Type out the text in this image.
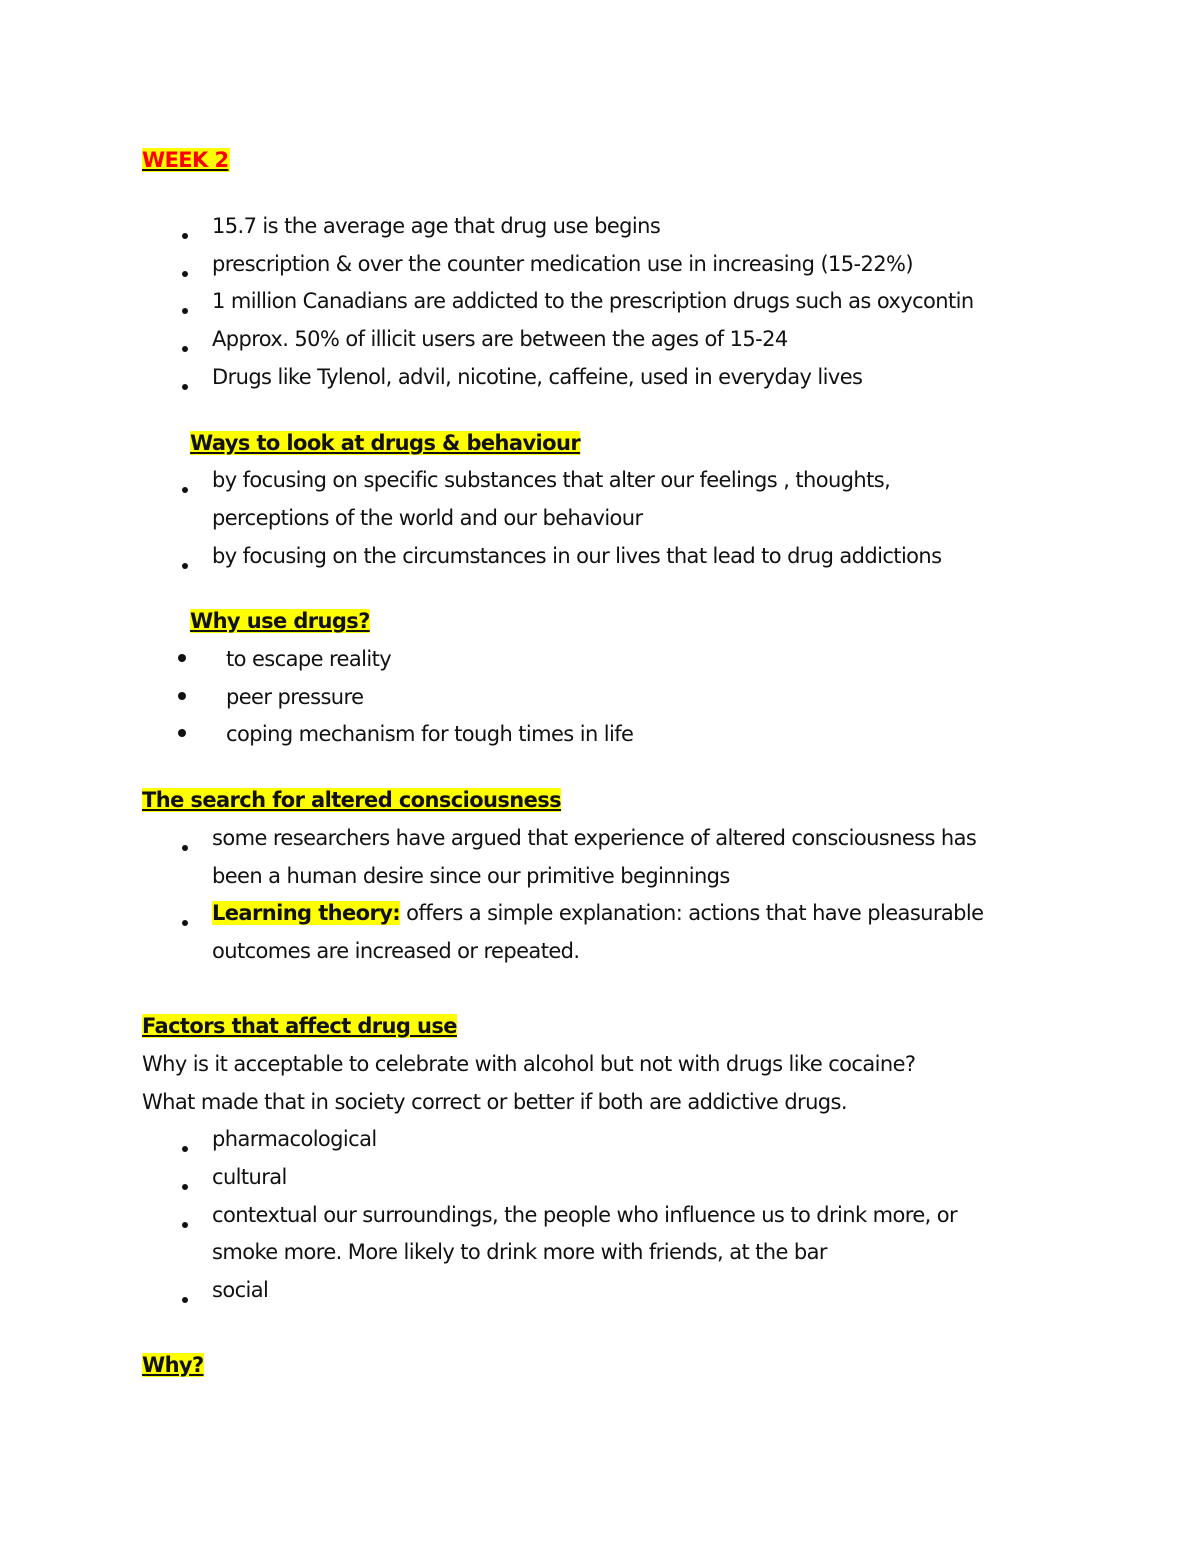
WEEK 2
15.7 is the average age that drug use begins
prescription & over the counter medication use in increasing (15-22%)
1 million Canadians are addicted to the prescription drugs such as oxycontin
Approx. 50% of illicit users are between the ages of 15-24
Drugs like Tylenol, advil, nicotine, caffeine, used in everyday lives
Ways to look at drugs & behaviour
by focusing on specific substances that alter our feelings , thoughts,
perceptions of the world and our behaviour
by focusing on the circumstances in our lives that lead to drug addictions
Why use drugs?
to escape reality
peer pressure
coping mechanism for tough times in life
The search for altered consciousness
some researchers have argued that experience of altered consciousness has
been a human desire since our primitive beginnings
Learning theory: offers a simple explanation: actions that have pleasurable
outcomes are increased or repeated.
Factors that affect drug use
Why is it acceptable to celebrate with alcohol but not with drugs like cocaine?
What made that in society correct or better if both are addictive drugs.
pharmacological
cultural
contextual our surroundings, the people who influence us to drink more, or
smoke more. More likely to drink more with friends, at the bar
social
Why?
